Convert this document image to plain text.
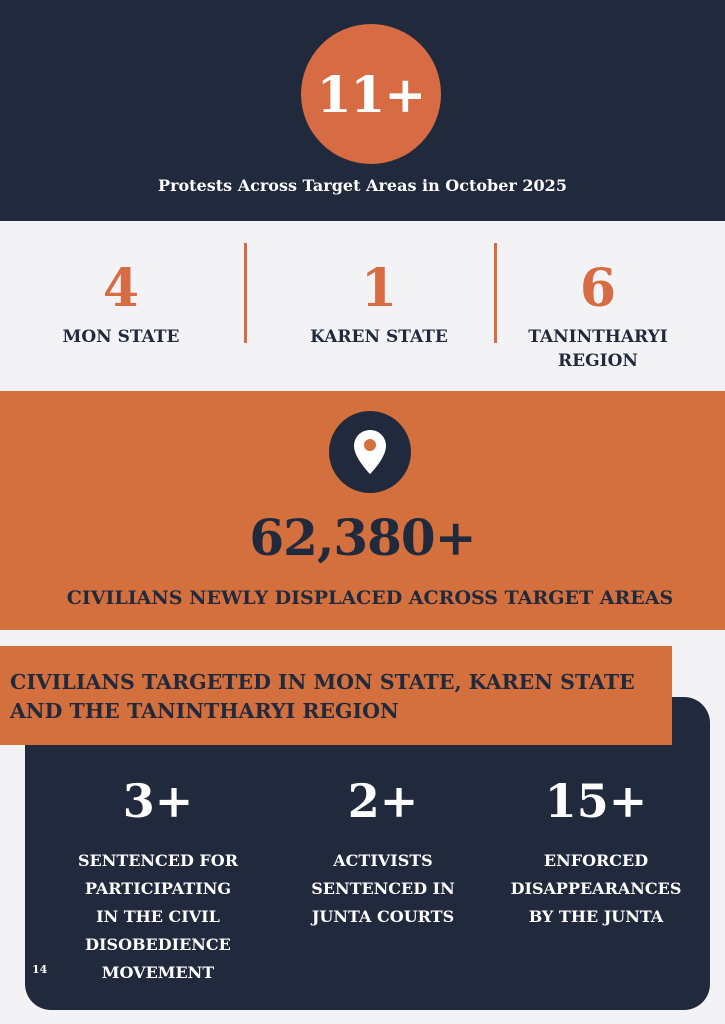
11+
Protests Across Target Areas in October 2025
4
MON STATE
1
KAREN STATE
6
TANINTHARYI
REGION
62,380+
CIVILIANS NEWLY DISPLACED ACROSS TARGET AREAS
CIVILIANS TARGETED IN MON STATE, KAREN STATE
AND THE TANINTHARYI REGION
3+
SENTENCED FOR
PARTICIPATING
IN THE CIVIL
DISOBEDIENCE
MOVEMENT
2+
ACTIVISTS
SENTENCED IN
JUNTA COURTS
15+
ENFORCED
DISAPPEARANCES
BY THE JUNTA
14
